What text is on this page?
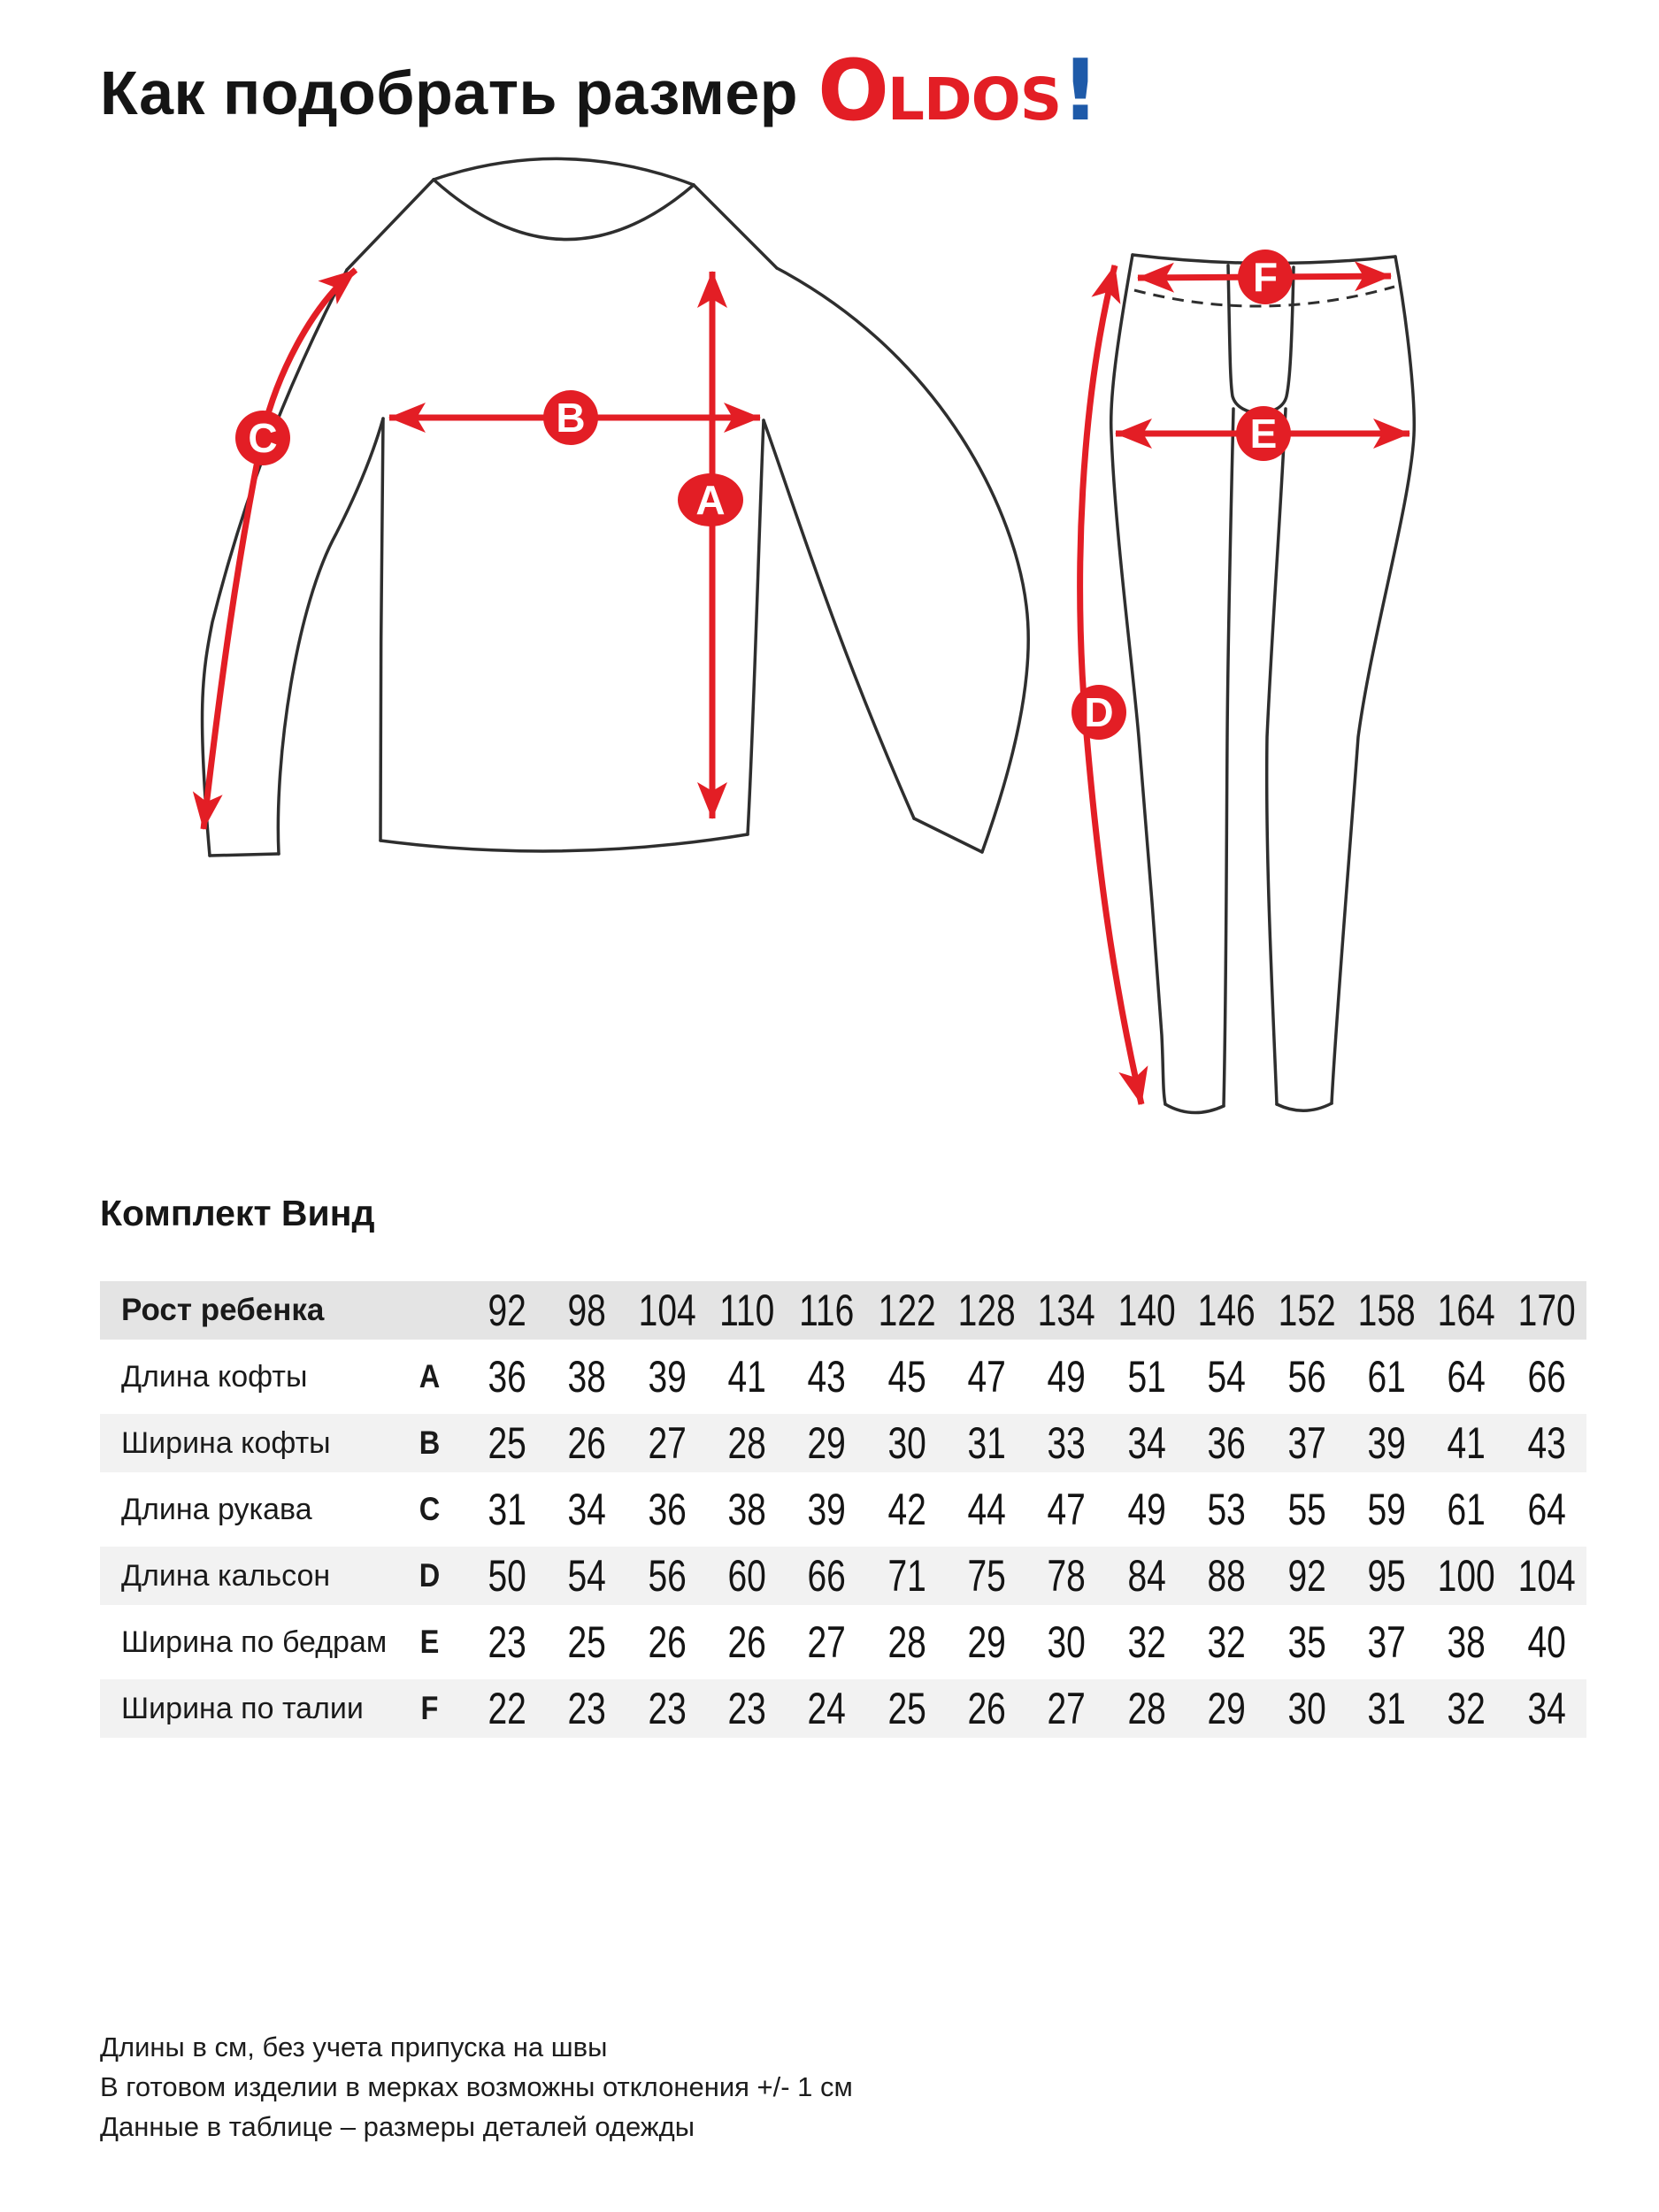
Как подобрать размер OLDOS!
A
B
C
F
E
D
Комплект Винд
Рост ребенка	92 98 104 110 116 122 128 134 140 146 152 158 164 170
Длина кофты	A	36 38 39 41 43 45 47 49 51 54 56 61 64 66
Ширина кофты	B	25 26 27 28 29 30 31 33 34 36 37 39 41 43
Длина рукава	C	31 34 36 38 39 42 44 47 49 53 55 59 61 64
Длина кальсон	D	50 54 56 60 66 71 75 78 84 88 92 95 100 104
Ширина по бедрам	E	23 25 26 26 27 28 29 30 32 32 35 37 38 40
Ширина по талии	F	22 23 23 23 24 25 26 27 28 29 30 31 32 34
Длины в см, без учета припуска на швы
В готовом изделии в мерках возможны отклонения +/- 1 см
Данные в таблице – размеры деталей одежды
